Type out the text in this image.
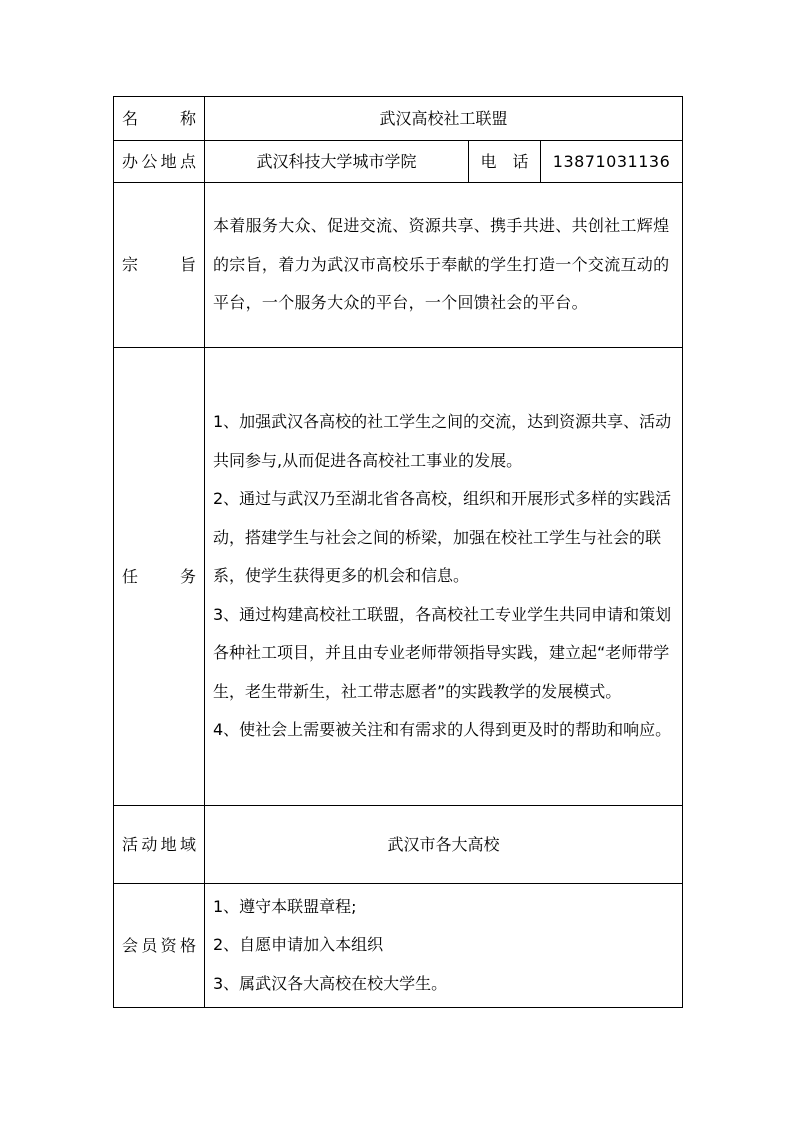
名　　称	武汉高校社工联盟		
办公地点	武汉科技大学城市学院	电　话	13871031136
宗　　旨	本着服务大众、促进交流、资源共享、携手共进、共创社工辉煌的宗旨，着力为武汉市高校乐于奉献的学生打造一个交流互动的平台，一个服务大众的平台，一个回馈社会的平台。		

任　　务	1、加强武汉各高校的社工学生之间的交流，达到资源共享、活动共同参与,从而促进各高校社工事业的发展。

2、通过与武汉乃至湖北省各高校，组织和开展形式多样的实践活动，搭建学生与社会之间的桥梁，加强在校社工学生与社会的联系，使学生获得更多的机会和信息。

3、通过构建高校社工联盟，各高校社工专业学生共同申请和策划各种社工项目，并且由专业老师带领指导实践，建立起“老师带学生，老生带新生，社工带志愿者”的实践教学的发展模式。

4、使社会上需要被关注和有需求的人得到更及时的帮助和响应。		

活动地域	武汉市各大高校		
会员资格	1、遵守本联盟章程;

2、自愿申请加入本组织

3、属武汉各大高校在校大学生。		
